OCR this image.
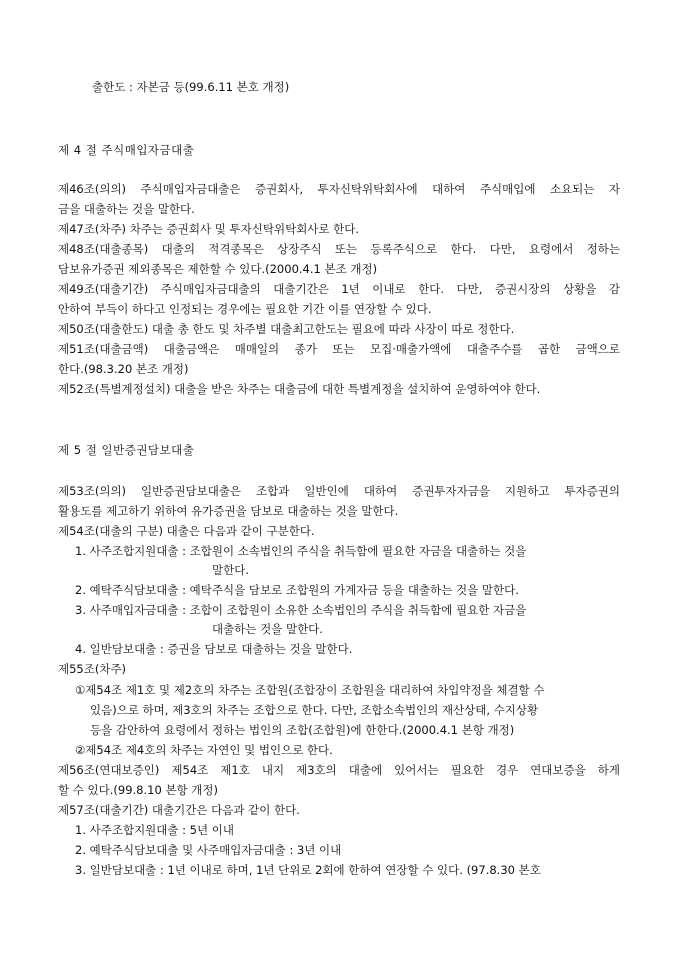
출한도 : 자본금 등(99.6.11 본호 개정)
제 4 절 주식매입자금대출
제46조(의의) 주식매입자금대출은 증권회사, 투자신탁위탁회사에 대하여 주식매입에 소요되는 자
금을 대출하는 것을 말한다.
제47조(차주) 차주는 증권회사 및 투자신탁위탁회사로 한다.
제48조(대출종목) 대출의 적격종목은 상장주식 또는 등록주식으로 한다. 다만, 요령에서 정하는
담보유가증권 제외종목은 제한할 수 있다.(2000.4.1 본조 개정)
제49조(대출기간) 주식매입자금대출의 대출기간은 1년 이내로 한다. 다만, 증권시장의 상황을 감
안하여 부득이 하다고 인정되는 경우에는 필요한 기간 이를 연장할 수 있다.
제50조(대출한도) 대출 총 한도 및 차주별 대출최고한도는 필요에 따라 사장이 따로 정한다.
제51조(대출금액) 대출금액은 매매일의 종가 또는 모집·매출가액에 대출주수를 곱한 금액으로
한다.(98.3.20 본조 개정)
제52조(특별계정설치) 대출을 받은 차주는 대출금에 대한 특별계정을 설치하여 운영하여야 한다.
제 5 절 일반증권담보대출
제53조(의의) 일반증권담보대출은 조합과 일반인에 대하여 증권투자자금을 지원하고 투자증권의
활용도를 제고하기 위하여 유가증권을 담보로 대출하는 것을 말한다.
제54조(대출의 구분) 대출은 다음과 같이 구분한다.
1. 사주조합지원대출 : 조합원이 소속법인의 주식을 취득함에 필요한 자금을 대출하는 것을
말한다.
2. 예탁주식담보대출 : 예탁주식을 담보로 조합원의 가계자금 등을 대출하는 것을 말한다.
3. 사주매입자금대출 : 조합이 조합원이 소유한 소속법인의 주식을 취득함에 필요한 자금을
대출하는 것을 말한다.
4. 일반담보대출 : 증권을 담보로 대출하는 것을 말한다.
제55조(차주)
①제54조 제1호 및 제2호의 차주는 조합원(조합장이 조합원을 대리하여 차입약정을 체결할 수
있음)으로 하며, 제3호의 차주는 조합으로 한다. 다만, 조합소속법인의 재산상태, 수지상황
등을 감안하여 요령에서 정하는 법인의 조합(조합원)에 한한다.(2000.4.1 본항 개정)
②제54조 제4호의 차주는 자연인 및 법인으로 한다.
제56조(연대보증인) 제54조 제1호 내지 제3호의 대출에 있어서는 필요한 경우 연대보증을 하게
할 수 있다.(99.8.10 본항 개정)
제57조(대출기간) 대출기간은 다음과 같이 한다.
1. 사주조합지원대출 : 5년 이내
2. 예탁주식담보대출 및 사주매입자금대출 : 3년 이내
3. 일반담보대출 : 1년 이내로 하며, 1년 단위로 2회에 한하여 연장할 수 있다. (97.8.30 본호
